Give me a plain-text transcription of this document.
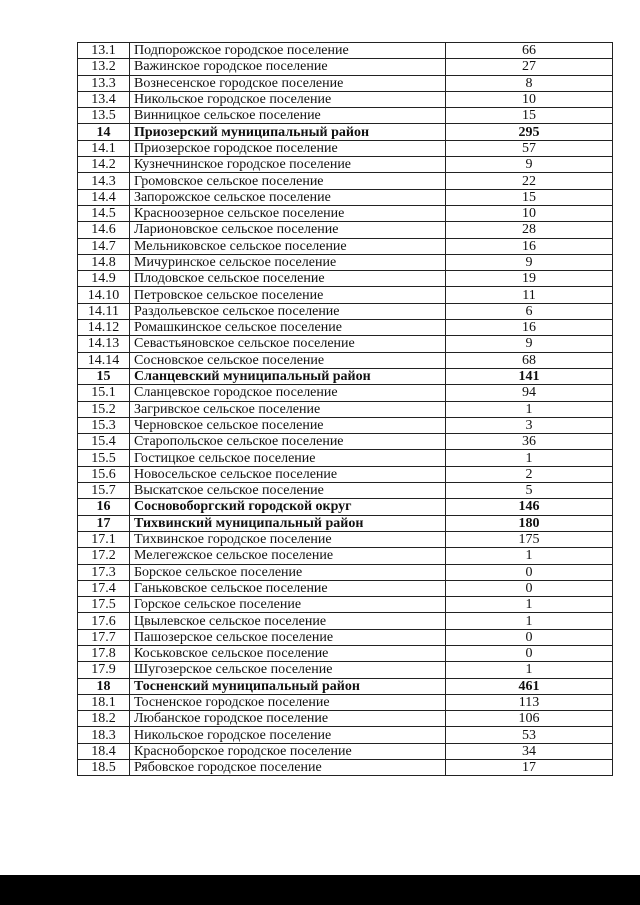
13.1	Подпорожское городское поселение	66
13.2	Важинское городское поселение	27
13.3	Вознесенское городское поселение	8
13.4	Никольское городское поселение	10
13.5	Винницкое сельское поселение	15
14	Приозерский муниципальный район	295
14.1	Приозерское городское поселение	57
14.2	Кузнечнинское городское поселение	9
14.3	Громовское сельское поселение	22
14.4	Запорожское сельское поселение	15
14.5	Красноозерное сельское поселение	10
14.6	Ларионовское сельское поселение	28
14.7	Мельниковское сельское поселение	16
14.8	Мичуринское сельское поселение	9
14.9	Плодовское сельское поселение	19
14.10	Петровское сельское поселение	11
14.11	Раздольевское сельское поселение	6
14.12	Ромашкинское сельское поселение	16
14.13	Севастьяновское сельское поселение	9
14.14	Сосновское сельское поселение	68
15	Сланцевский муниципальный район	141
15.1	Сланцевское городское поселение	94
15.2	Загривское сельское поселение	1
15.3	Черновское сельское поселение	3
15.4	Старопольское сельское поселение	36
15.5	Гостицкое сельское поселение	1
15.6	Новосельское сельское поселение	2
15.7	Выскатское сельское поселение	5
16	Сосновоборгский городской округ	146
17	Тихвинский муниципальный район	180
17.1	Тихвинское городское поселение	175
17.2	Мелегежское сельское поселение	1
17.3	Борское сельское поселение	0
17.4	Ганьковское сельское поселение	0
17.5	Горское сельское поселение	1
17.6	Цвылевское сельское поселение	1
17.7	Пашозерское сельское поселение	0
17.8	Коськовское сельское поселение	0
17.9	Шугозерское сельское поселение	1
18	Тосненский муниципальный район	461
18.1	Тосненское городское поселение	113
18.2	Любанское городское поселение	106
18.3	Никольское городское поселение	53
18.4	Красноборское городское поселение	34
18.5	Рябовское городское поселение	17
